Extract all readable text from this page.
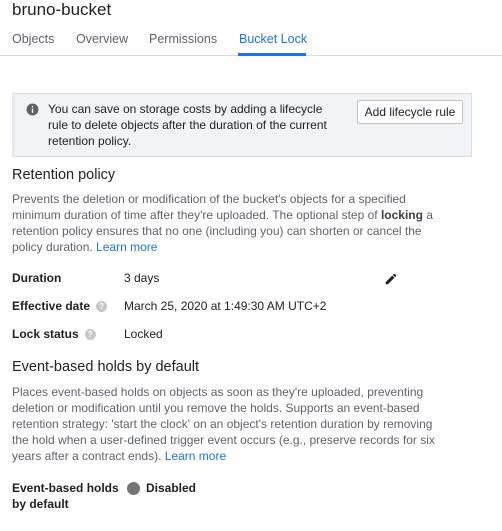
bruno-bucket
Objects Overview Permissions Bucket Lock
You can save on storage costs by adding a lifecycle rule to delete objects after the duration of the current retention policy.
Add lifecycle rule
Retention policy
Prevents the deletion or modification of the bucket's objects for a specified minimum duration of time after they're uploaded. The optional step of locking a retention policy ensures that no one (including you) can shorten or cancel the policy duration. Learn more
Duration	3 days
Effective date ? March 25, 2020 at 1:49:30 AM UTC+2
Lock status ?	Locked
Event-based holds by default
Places event-based holds on objects as soon as they're uploaded, preventing deletion or modification until you remove the holds. Supports an event-based retention strategy: 'start the clock' on an object's retention duration by removing the hold when a user-defined trigger event occurs (e.g., preserve records for six years after a contract ends). Learn more
Event-based holds by default
Disabled
